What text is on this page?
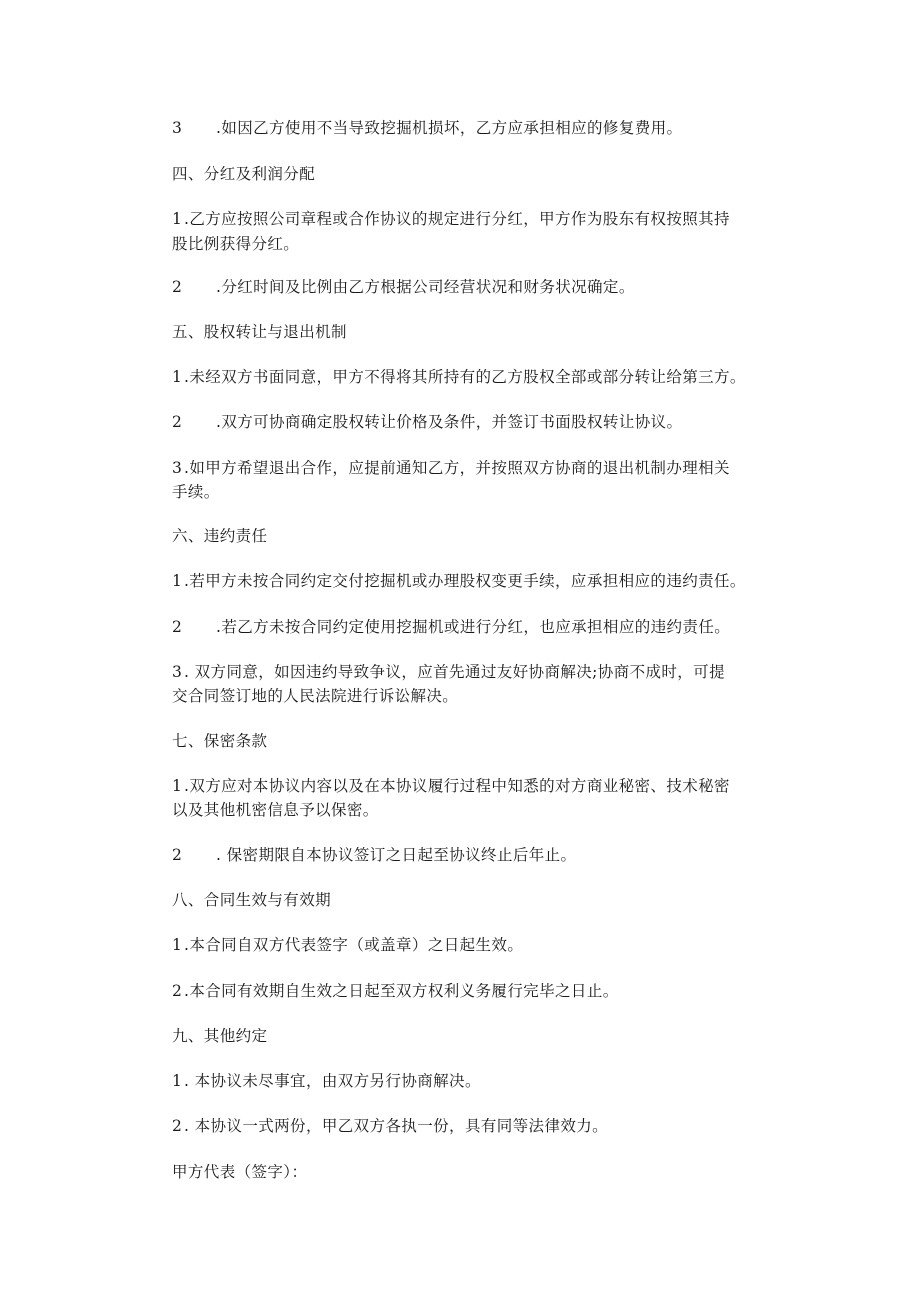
3 .如因乙方使用不当导致挖掘机损坏，乙方应承担相应的修复费用。
四、分红及利润分配
1 .乙方应按照公司章程或合作协议的规定进行分红，甲方作为股东有权按照其持
股比例获得分红。
2 .分红时间及比例由乙方根据公司经营状况和财务状况确定。
五、股权转让与退出机制
1 .未经双方书面同意，甲方不得将其所持有的乙方股权全部或部分转让给第三方。
2 .双方可协商确定股权转让价格及条件，并签订书面股权转让协议。
3 .如甲方希望退出合作，应提前通知乙方，并按照双方协商的退出机制办理相关
手续。
六、违约责任
1 .若甲方未按合同约定交付挖掘机或办理股权变更手续，应承担相应的违约责任。
2 .若乙方未按合同约定使用挖掘机或进行分红，也应承担相应的违约责任。
3 . 双方同意，如因违约导致争议，应首先通过友好协商解决;协商不成时，可提
交合同签订地的人民法院进行诉讼解决。
七、保密条款
1 .双方应对本协议内容以及在本协议履行过程中知悉的对方商业秘密、技术秘密
以及其他机密信息予以保密。
2 . 保密期限自本协议签订之日起至协议终止后年止。
八、合同生效与有效期
1 .本合同自双方代表签字（或盖章）之日起生效。
2 .本合同有效期自生效之日起至双方权利义务履行完毕之日止。
九、其他约定
1 . 本协议未尽事宜，由双方另行协商解决。
2 . 本协议一式两份，甲乙双方各执一份，具有同等法律效力。
甲方代表（签字）：
